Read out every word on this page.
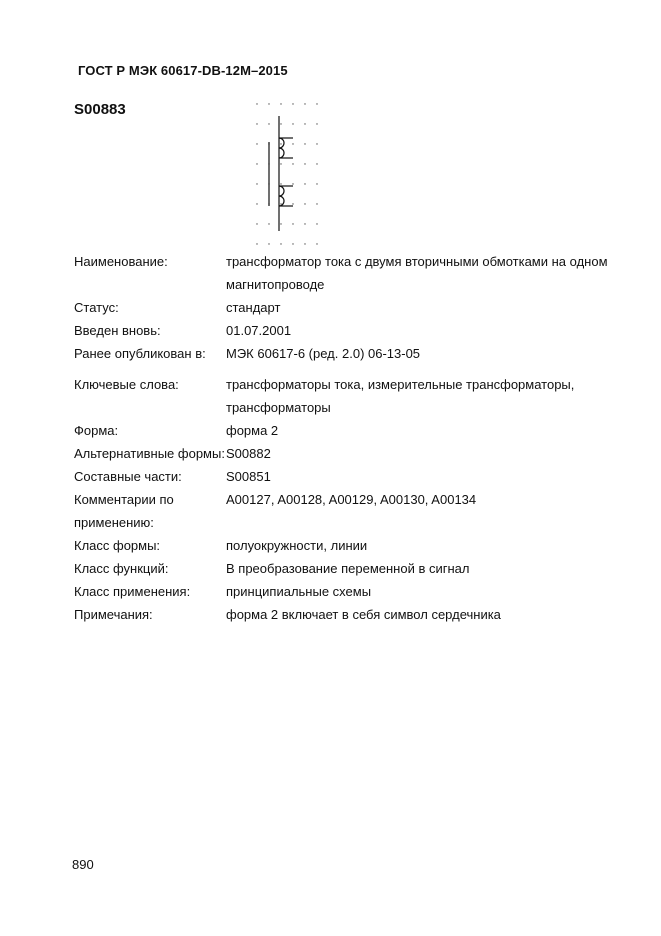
ГОСТ Р МЭК 60617-DB-12M–2015
S00883
Наименование:	трансформатор тока с двумя вторичными обмотками на одном магнитопроводе
Статус:	стандарт
Введен вновь:	01.07.2001
Ранее опубликован в:	МЭК 60617-6 (ред. 2.0) 06-13-05
Ключевые слова:	трансформаторы тока, измерительные трансформаторы, трансформаторы
Форма:	форма 2
Альтернативные формы: S00882
Составные части:	S00851
Комментарии по применению:
A00127, A00128, A00129, A00130, A00134
Класс формы:	полуокружности, линии
Класс функций:	B преобразование переменной в сигнал
Класс применения:	принципиальные схемы
Примечания:	форма 2 включает в себя символ сердечника
890
